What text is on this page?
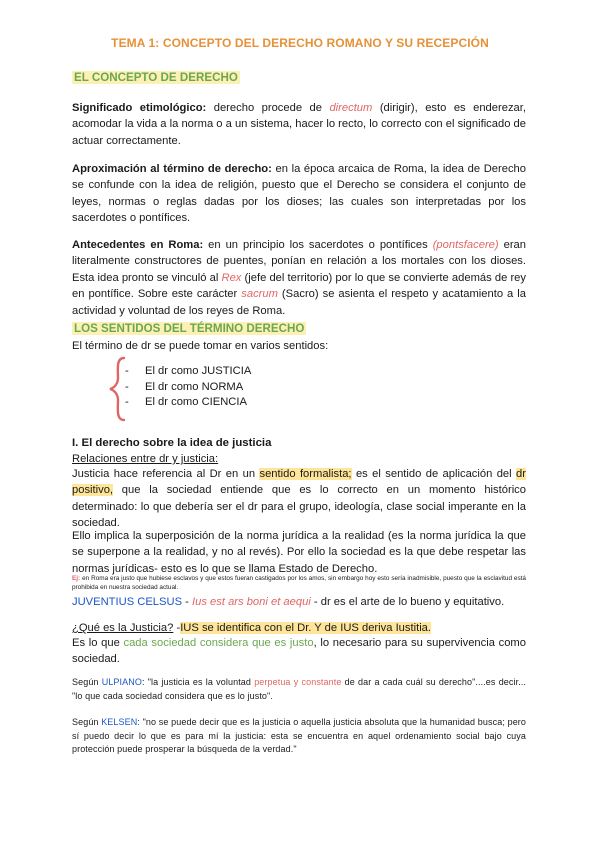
TEMA 1: CONCEPTO DEL DERECHO ROMANO Y SU RECEPCIÓN
EL CONCEPTO DE DERECHO
Significado etimológico: derecho procede de directum (dirigir), esto es enderezar, acomodar la vida a la norma o a un sistema, hacer lo recto, lo correcto con el significado de actuar correctamente.
Aproximación al término de derecho: en la época arcaica de Roma, la idea de Derecho se confunde con la idea de religión, puesto que el Derecho se considera el conjunto de leyes, normas o reglas dadas por los dioses; las cuales son interpretadas por los sacerdotes o pontífices.
Antecedentes en Roma: en un principio los sacerdotes o pontífices (pontsfacere) eran literalmente constructores de puentes, ponían en relación a los mortales con los dioses. Esta idea pronto se vinculó al Rex (jefe del territorio) por lo que se convierte además de rey en pontífice. Sobre este carácter sacrum (Sacro) se asienta el respeto y acatamiento a la actividad y voluntad de los reyes de Roma.
LOS SENTIDOS DEL TÉRMINO DERECHO
El término de dr se puede tomar en varios sentidos:
- El dr como JUSTICIA
- El dr como NORMA
- El dr como CIENCIA
I. El derecho sobre la idea de justicia
Relaciones entre dr y justicia:
Justicia hace referencia al Dr en un sentido formalista; es el sentido de aplicación del dr positivo, que la sociedad entiende que es lo correcto en un momento histórico determinado: lo que debería ser el dr para el grupo, ideología, clase social imperante en la sociedad.
Ello implica la superposición de la norma jurídica a la realidad (es la norma jurídica la que se superpone a la realidad, y no al revés). Por ello la sociedad es la que debe respetar las normas jurídicas- esto es lo que se llama Estado de Derecho.
Ej: en Roma era justo que hubiese esclavos y que estos fueran castigados por los amos, sin embargo hoy esto sería inadmisible, puesto que la esclavitud está prohibida en nuestra sociedad actual.
JUVENTIUS CELSUS - Ius est ars boni et aequi - dr es el arte de lo bueno y equitativo.
¿Qué es la Justicia? -IUS se identifica con el Dr. Y de IUS deriva Iustitia.
Es lo que cada sociedad considera que es justo, lo necesario para su supervivencia como sociedad.
Según ULPIANO: "la justicia es la voluntad perpetua y constante de dar a cada cuál su derecho"....es decir... "lo que cada sociedad considera que es lo justo".
Según KELSEN: "no se puede decir que es la justicia o aquella justicia absoluta que la humanidad busca; pero sí puedo decir lo que es para mí la justicia: esta se encuentra en aquel ordenamiento social bajo cuya protección puede prosperar la búsqueda de la verdad."
